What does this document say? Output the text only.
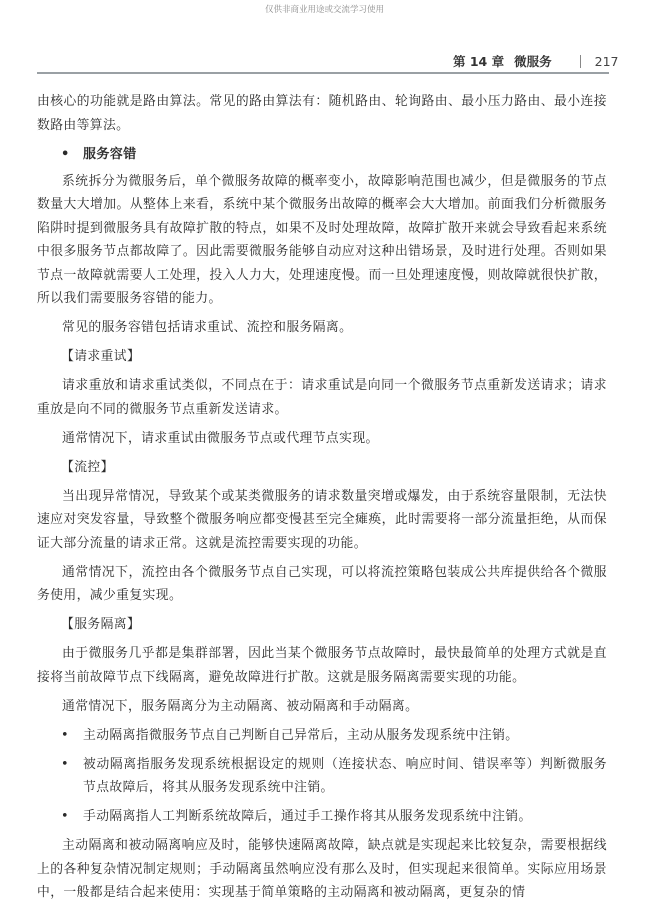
仅供非商业用途或交流学习使用
第 14 章 微服务	217

由核心的功能就是路由算法。常见的路由算法有：随机路由、轮询路由、最小压力路由、最小连接数路由等算法。

• 服务容错

系统拆分为微服务后，单个微服务故障的概率变小，故障影响范围也减少，但是微服务的节点数量大大增加。从整体上来看，系统中某个微服务出故障的概率会大大增加。前面我们分析微服务陷阱时提到微服务具有故障扩散的特点，如果不及时处理故障，故障扩散开来就会导致看起来系统中很多服务节点都故障了。因此需要微服务能够自动应对这种出错场景，及时进行处理。否则如果节点一故障就需要人工处理，投入人力大，处理速度慢。而一旦处理速度慢，则故障就很快扩散，所以我们需要服务容错的能力。

常见的服务容错包括请求重试、流控和服务隔离。

【请求重试】

请求重放和请求重试类似，不同点在于：请求重试是向同一个微服务节点重新发送请求；请求重放是向不同的微服务节点重新发送请求。

通常情况下，请求重试由微服务节点或代理节点实现。

【流控】

当出现异常情况，导致某个或某类微服务的请求数量突增或爆发，由于系统容量限制，无法快速应对突发容量，导致整个微服务响应都变慢甚至完全瘫痪，此时需要将一部分流量拒绝，从而保证大部分流量的请求正常。这就是流控需要实现的功能。

通常情况下，流控由各个微服务节点自己实现，可以将流控策略包装成公共库提供给各个微服务使用，减少重复实现。

【服务隔离】

由于微服务几乎都是集群部署，因此当某个微服务节点故障时，最快最简单的处理方式就是直接将当前故障节点下线隔离，避免故障进行扩散。这就是服务隔离需要实现的功能。

通常情况下，服务隔离分为主动隔离、被动隔离和手动隔离。

•	主动隔离指微服务节点自己判断自己异常后，主动从服务发现系统中注销。
•	被动隔离指服务发现系统根据设定的规则（连接状态、响应时间、错误率等）判断微服务节点故障后，将其从服务发现系统中注销。
•	手动隔离指人工判断系统故障后，通过手工操作将其从服务发现系统中注销。

主动隔离和被动隔离响应及时，能够快速隔离故障，缺点就是实现起来比较复杂，需要根据线上的各种复杂情况制定规则；手动隔离虽然响应没有那么及时，但实现起来很简单。实际应用场景中，一般都是结合起来使用：实现基于简单策略的主动隔离和被动隔离，更复杂的情
